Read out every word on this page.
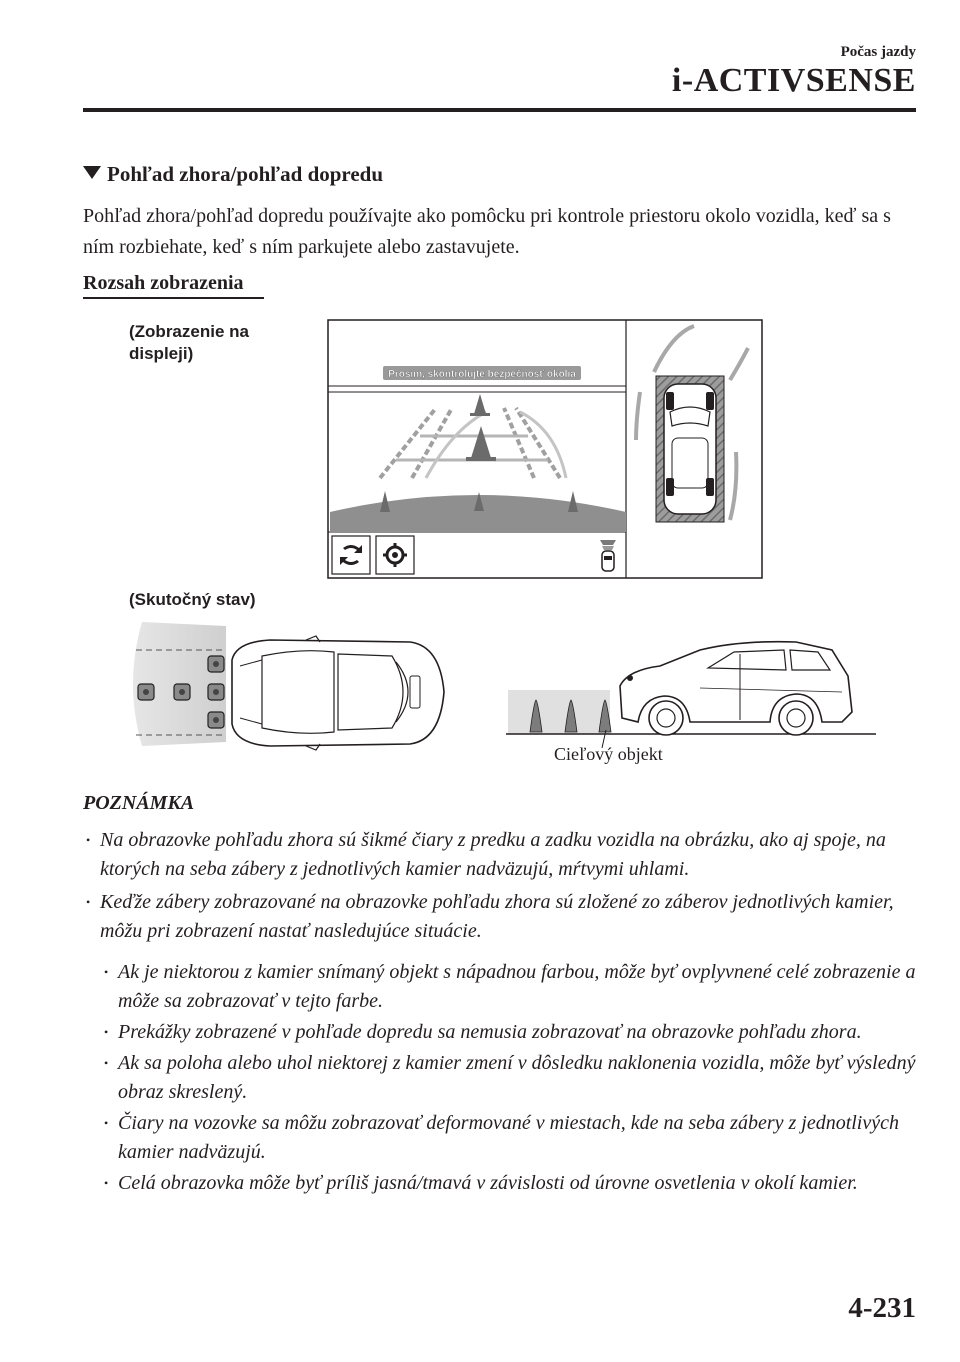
Počas jazdy
i-ACTIVSENSE
Pohľad zhora/pohľad dopredu
Pohľad zhora/pohľad dopredu používajte ako pomôcku pri kontrole priestoru okolo vozidla, keď sa s ním rozbiehate, keď s ním parkujete alebo zastavujete.
Rozsah zobrazenia
(Zobrazenie na displeji)
(Skutočný stav)
Prosím, skontrolujte bezpečnosť okolia
Cieľový objekt
POZNÁMKA
• Na obrazovke pohľadu zhora sú šikmé čiary z predku a zadku vozidla na obrázku, ako aj spoje, na ktorých na seba zábery z jednotlivých kamier nadväzujú, mŕtvymi uhlami.
• Keďže zábery zobrazované na obrazovke pohľadu zhora sú zložené zo záberov jednotlivých kamier, môžu pri zobrazení nastať nasledujúce situácie.
• Ak je niektorou z kamier snímaný objekt s nápadnou farbou, môže byť ovplyvnené celé zobrazenie a môže sa zobrazovať v tejto farbe.
• Prekážky zobrazené v pohľade dopredu sa nemusia zobrazovať na obrazovke pohľadu zhora.
• Ak sa poloha alebo uhol niektorej z kamier zmení v dôsledku naklonenia vozidla, môže byť výsledný obraz skreslený.
• Čiary na vozovke sa môžu zobrazovať deformované v miestach, kde na seba zábery z jednotlivých kamier nadväzujú.
• Celá obrazovka môže byť príliš jasná/tmavá v závislosti od úrovne osvetlenia v okolí kamier.
4-231
